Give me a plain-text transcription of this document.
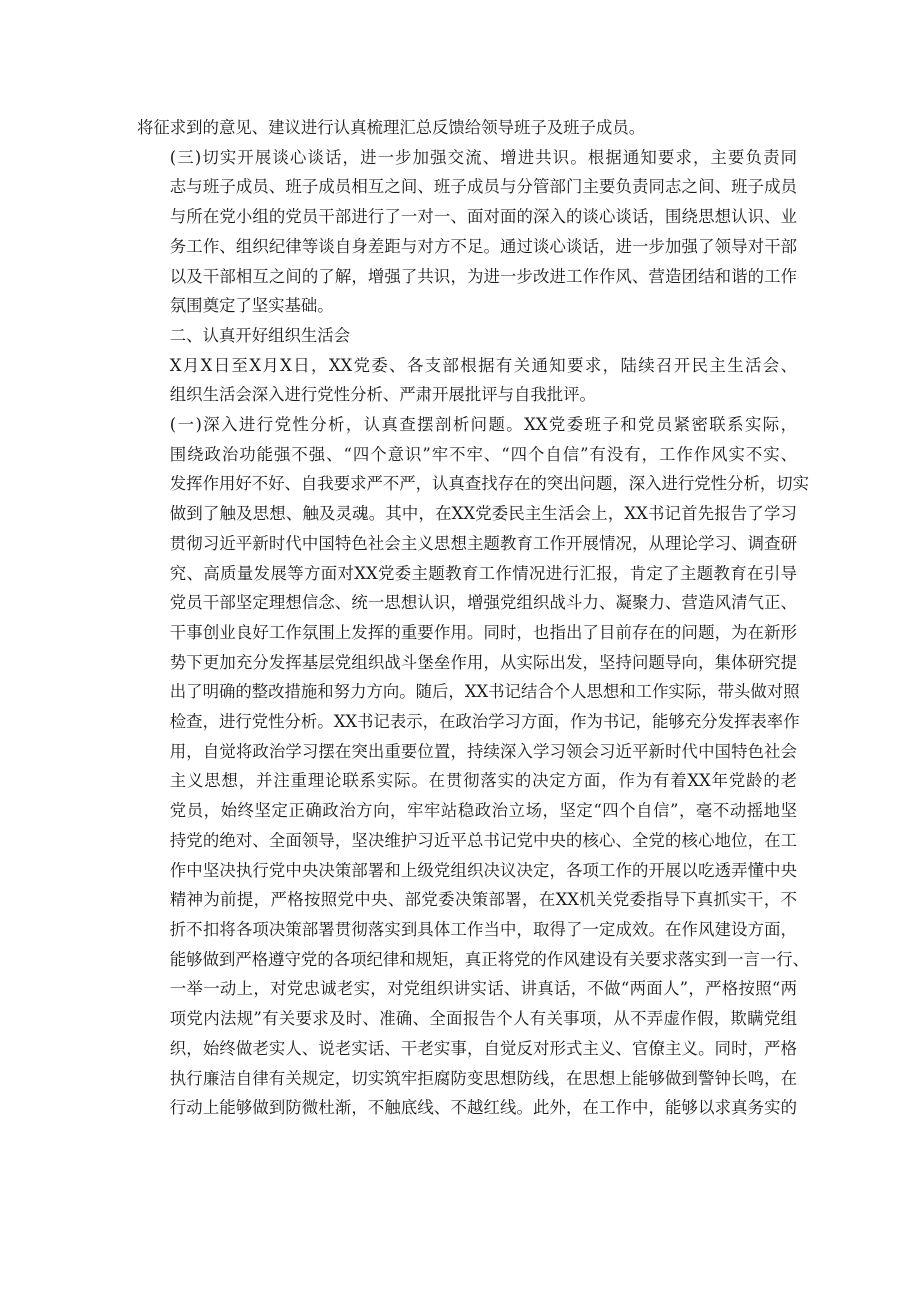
将征求到的意见、建议进行认真梳理汇总反馈给领导班子及班子成员。
(三)切实开展谈心谈话，进一步加强交流、增进共识。根据通知要求，主要负责同
志与班子成员、班子成员相互之间、班子成员与分管部门主要负责同志之间、班子成员
与所在党小组的党员干部进行了一对一、面对面的深入的谈心谈话，围绕思想认识、业
务工作、组织纪律等谈自身差距与对方不足。通过谈心谈话，进一步加强了领导对干部
以及干部相互之间的了解，增强了共识，为进一步改进工作作风、营造团结和谐的工作
氛围奠定了坚实基础。
二、认真开好组织生活会
X月X日至X月X日，XX党委、各支部根据有关通知要求，陆续召开民主生活会、
组织生活会深入进行党性分析、严肃开展批评与自我批评。
(一)深入进行党性分析，认真查摆剖析问题。XX党委班子和党员紧密联系实际，
围绕政治功能强不强、“四个意识”牢不牢、“四个自信”有没有，工作作风实不实、
发挥作用好不好、自我要求严不严，认真查找存在的突出问题，深入进行党性分析，切实
做到了触及思想、触及灵魂。其中，在XX党委民主生活会上，XX书记首先报告了学习
贯彻习近平新时代中国特色社会主义思想主题教育工作开展情况，从理论学习、调查研
究、高质量发展等方面对XX党委主题教育工作情况进行汇报，肯定了主题教育在引导
党员干部坚定理想信念、统一思想认识，增强党组织战斗力、凝聚力、营造风清气正、
干事创业良好工作氛围上发挥的重要作用。同时，也指出了目前存在的问题，为在新形
势下更加充分发挥基层党组织战斗堡垒作用，从实际出发，坚持问题导向，集体研究提
出了明确的整改措施和努力方向。随后，XX书记结合个人思想和工作实际，带头做对照
检查，进行党性分析。XX书记表示，在政治学习方面，作为书记，能够充分发挥表率作
用，自觉将政治学习摆在突出重要位置，持续深入学习领会习近平新时代中国特色社会
主义思想，并注重理论联系实际。在贯彻落实的决定方面，作为有着XX年党龄的老
党员，始终坚定正确政治方向，牢牢站稳政治立场，坚定“四个自信”，毫不动摇地坚
持党的绝对、全面领导，坚决维护习近平总书记党中央的核心、全党的核心地位，在工
作中坚决执行党中央决策部署和上级党组织决议决定，各项工作的开展以吃透弄懂中央
精神为前提，严格按照党中央、部党委决策部署，在XX机关党委指导下真抓实干，不
折不扣将各项决策部署贯彻落实到具体工作当中，取得了一定成效。在作风建设方面，
能够做到严格遵守党的各项纪律和规矩，真正将党的作风建设有关要求落实到一言一行、
一举一动上，对党忠诚老实，对党组织讲实话、讲真话，不做“两面人”，严格按照“两
项党内法规”有关要求及时、准确、全面报告个人有关事项，从不弄虚作假，欺瞒党组
织，始终做老实人、说老实话、干老实事，自觉反对形式主义、官僚主义。同时，严格
执行廉洁自律有关规定，切实筑牢拒腐防变思想防线，在思想上能够做到警钟长鸣，在
行动上能够做到防微杜渐，不触底线、不越红线。此外，在工作中，能够以求真务实的
